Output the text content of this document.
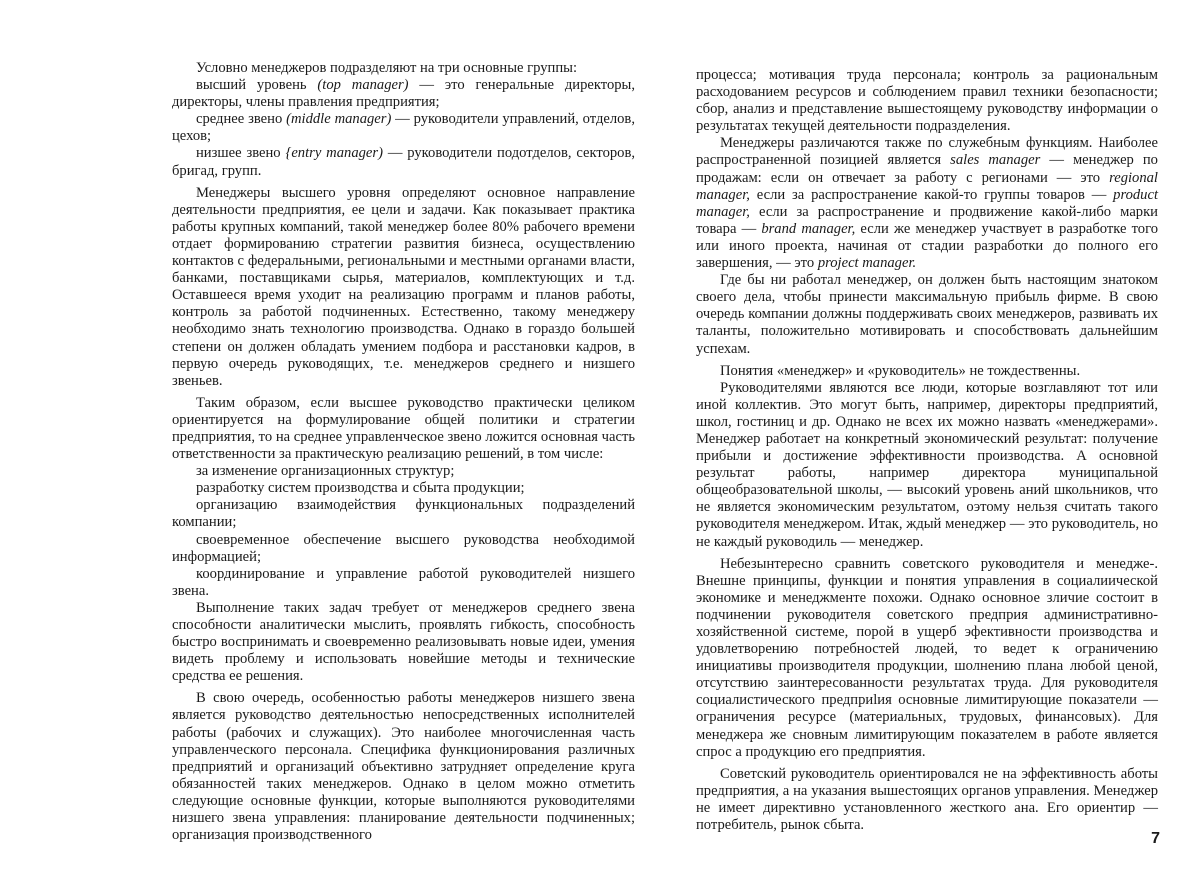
Условно менеджеров подразделяют на три основные группы:

высший уровень (top manager) — это генеральные директоры, директоры, члены правления предприятия;

среднее звено (middle manager) — руководители управлений, отделов, цехов;

низшее звено {entry manager) — руководители подотделов, секторов, бригад, групп.

Менеджеры высшего уровня определяют основное направление деятельности предприятия, ее цели и задачи. Как показывает практика работы крупных компаний, такой менеджер более 80% рабочего времени отдает формированию стратегии развития бизнеса, осуществлению контактов с федеральными, региональными и местными органами власти, банками, поставщиками сырья, материалов, комплектующих и т.д. Оставшееся время уходит на реализацию программ и планов работы, контроль за работой подчиненных. Естественно, такому менеджеру необходимо знать технологию производства. Однако в гораздо большей степени он должен обладать умением подбора и расстановки кадров, в первую очередь руководящих, т.е. менеджеров среднего и низшего звеньев.

Таким образом, если высшее руководство практически целиком ориентируется на формулирование общей политики и стратегии предприятия, то на среднее управленческое звено ложится основная часть ответственности за практическую реализацию решений, в том числе:

за изменение организационных структур;

разработку систем производства и сбыта продукции;

организацию взаимодействия функциональных подразделений компании;

своевременное обеспечение высшего руководства необходимой информацией;

координирование и управление работой руководителей низшего звена.

Выполнение таких задач требует от менеджеров среднего звена способности аналитически мыслить, проявлять гибкость, способность быстро воспринимать и своевременно реализовывать новые идеи, умения видеть проблему и использовать новейшие методы и технические средства ее решения.

В свою очередь, особенностью работы менеджеров низшего звена является руководство деятельностью непосредственных исполнителей работы (рабочих и служащих). Это наиболее многочисленная часть управленческого персонала. Специфика функционирования различных предприятий и организаций объективно затрудняет определение круга обязанностей таких менеджеров. Однако в целом можно отметить следующие основные функции, которые выполняются руководителями низшего звена управления: планирование деятельности подчиненных; организация производственного

процесса; мотивация труда персонала; контроль за рациональным расходованием ресурсов и соблюдением правил техники безопасности; сбор, анализ и представление вышестоящему руководству информации о результатах текущей деятельности подразделения.

Менеджеры различаются также по служебным функциям. Наиболее распространенной позицией является sales manager — менеджер по продажам: если он отвечает за работу с регионами — это regional manager, если за распространение какой-то группы товаров — product manager, если за распространение и продвижение какой-либо марки товара — brand manager, если же менеджер участвует в разработке того или иного проекта, начиная от стадии разработки до полного его завершения, — это project manager.

Где бы ни работал менеджер, он должен быть настоящим знатоком своего дела, чтобы принести максимальную прибыль фирме. В свою очередь компании должны поддерживать своих менеджеров, развивать их таланты, положительно мотивировать и способствовать дальнейшим успехам.

Понятия «менеджер» и «руководитель» не тождественны.

Руководителями являются все люди, которые возглавляют тот или иной коллектив. Это могут быть, например, директоры предприятий, школ, гостиниц и др. Однако не всех их можно назвать «менеджерами». Менеджер работает на конкретный экономический результат: получение прибыли и достижение эффективности производства. А основной результат работы, например директора муниципальной общеобразовательной школы, — высокий уровень аний школьников, что не является экономическим результатом, оэтому нельзя считать такого руководителя менеджером. Итак, ждый менеджер — это руководитель, но не каждый руководиль — менеджер.

Небезынтересно сравнить советского руководителя и менедже-. Внешне принципы, функции и понятия управления в социалиической экономике и менеджменте похожи. Однако основное зличие состоит в подчинении руководителя советского предприя административно-хозяйственной системе, порой в ущерб эфективности производства и удовлетворению потребностей людей, то ведет к ограничению инициативы производителя продукции, шолнению плана любой ценой, отсутствию заинтересованности результатах труда. Для руководителя социалистического предприlия основные лимитирующие показатели — ограничения ресурсе (материальных, трудовых, финансовых). Для менеджера же сновным лимитирующим показателем в работе является спрос а продукцию его предприятия.

Советский руководитель ориентировался не на эффективность аботы предприятия, а на указания вышестоящих органов управления. Менеджер не имеет директивно установленного жесткого ана. Его ориентир — потребитель, рынок сбыта.

7
